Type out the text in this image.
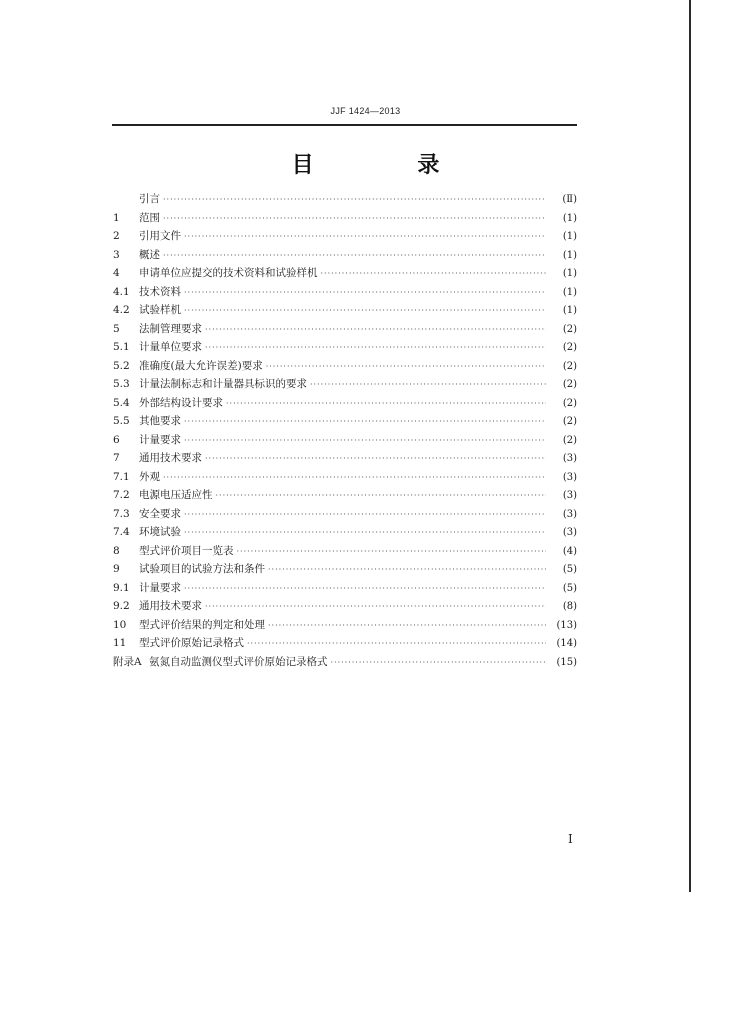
JJF 1424—2013
目 录
引言 ·····	(Ⅱ)
1	范围 ·····	(1)
2	引用文件 ·····	(1)
3	概述 ·····	(1)
4	申请单位应提交的技术资料和试验样机 ·····	(1)
4.1 技术资料 ·····	(1)
4.2 试验样机 ·····	(1)
5	法制管理要求 ·····	(2)
5.1 计量单位要求 ·····	(2)
5.2 准确度(最大允许误差)要求 ·····	(2)
5.3 计量法制标志和计量器具标识的要求 ·····	(2)
5.4 外部结构设计要求 ·····	(2)
5.5 其他要求 ·····	(2)
6	计量要求 ·····	(2)
7	通用技术要求 ·····	(3)
7.1 外观 ·····	(3)
7.2 电源电压适应性 ·····	(3)
7.3 安全要求 ·····	(3)
7.4 环境试验 ·····	(3)
8	型式评价项目一览表 ·····	(4)
9	试验项目的试验方法和条件 ·····	(5)
9.1 计量要求 ·····	(5)
9.2 通用技术要求 ·····	(8)
10	型式评价结果的判定和处理 ·····	(13)
11	型式评价原始记录格式 ·····	(14)
附录A 氨氮自动监测仪型式评价原始记录格式 ·····	(15)
I
